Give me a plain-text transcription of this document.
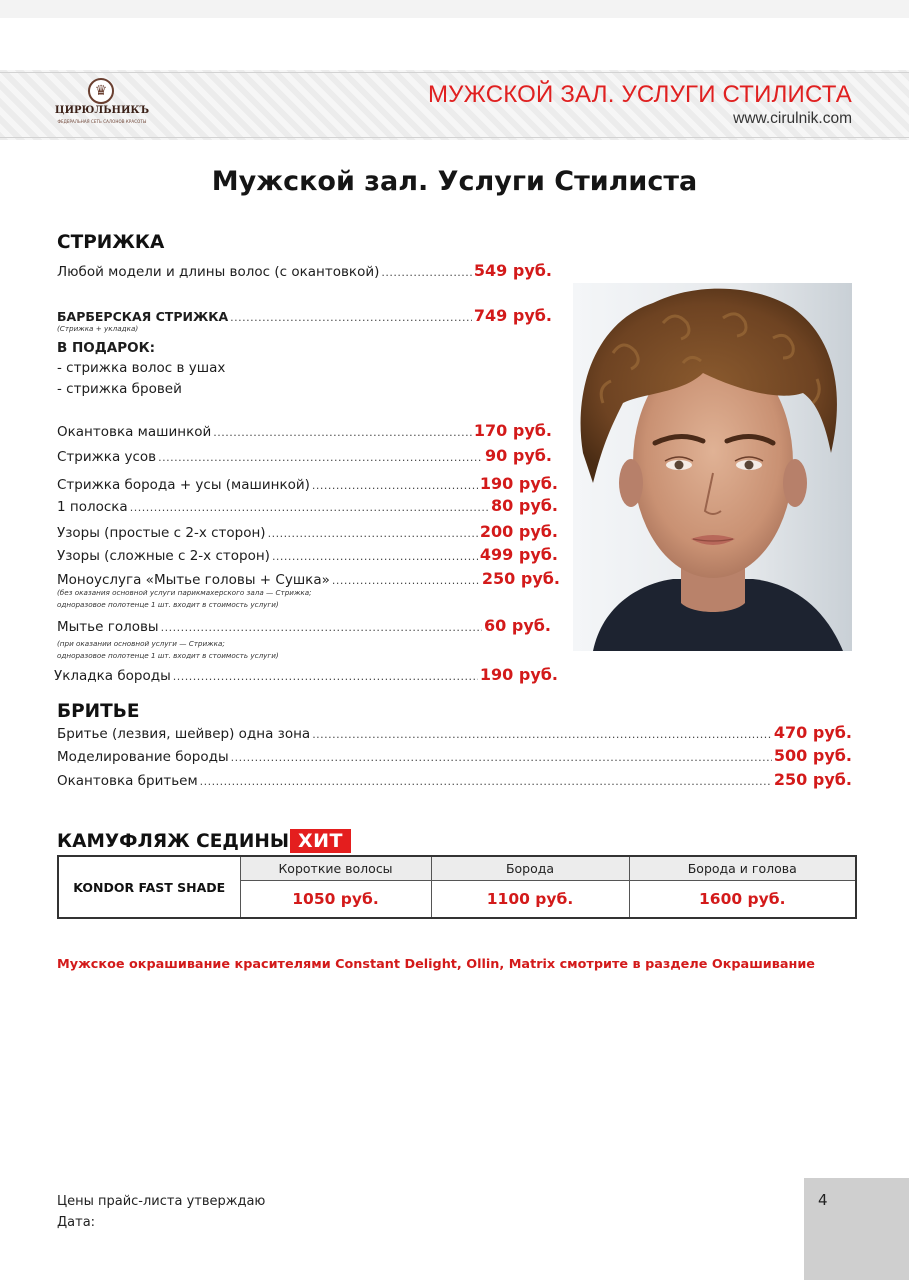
♛
ЦИРЮЛЬНИКЪ
ФЕДЕРАЛЬНАЯ СЕТЬ САЛОНОВ КРАСОТЫ
МУЖСКОЙ ЗАЛ. УСЛУГИ СТИЛИСТА
www.cirulnik.com
Мужской зал. Услуги Стилиста
СТРИЖКА
Любой модели и длины волос (с окантовкой) .....	549 руб.
БАРБЕРСКАЯ СТРИЖКА .....	749 руб.
(Стрижка + укладка)
В ПОДАРОК:
- стрижка волос в ушах
- стрижка бровей
Окантовка машинкой .....	170 руб.
Стрижка усов .....	90 руб.
Стрижка борода + усы (машинкой) .....	190 руб.
1 полоска .....	80 руб.
Узоры (простые с 2-х сторон) .....	200 руб.
Узоры (сложные с 2-х сторон) .....	499 руб.
Моноуслуга «Мытье головы + Сушка» .....	250 руб.
(без оказания основной услуги парикмахерского зала — Стрижка;
одноразовое полотенце 1 шт. входит в стоимость услуги)
Мытье головы .....	60 руб.
(при оказании основной услуги — Стрижка;
одноразовое полотенце 1 шт. входит в стоимость услуги)
Укладка бороды .....	190 руб.
БРИТЬЕ
Бритье (лезвия, шейвер) одна зона .....	470 руб.
Моделирование бороды .....	500 руб.
Окантовка бритьем .....	250 руб.
КАМУФЛЯЖ СЕДИНЫ ХИТ
KONDOR FAST SHADE	Короткие волосы	Борода	Борода и голова
	1050 руб.	1100 руб.	1600 руб.
Мужское окрашивание красителями Constant Delight, Ollin, Matrix смотрите в разделе Окрашивание
Цены прайс-листа утверждаю
Дата:
4
